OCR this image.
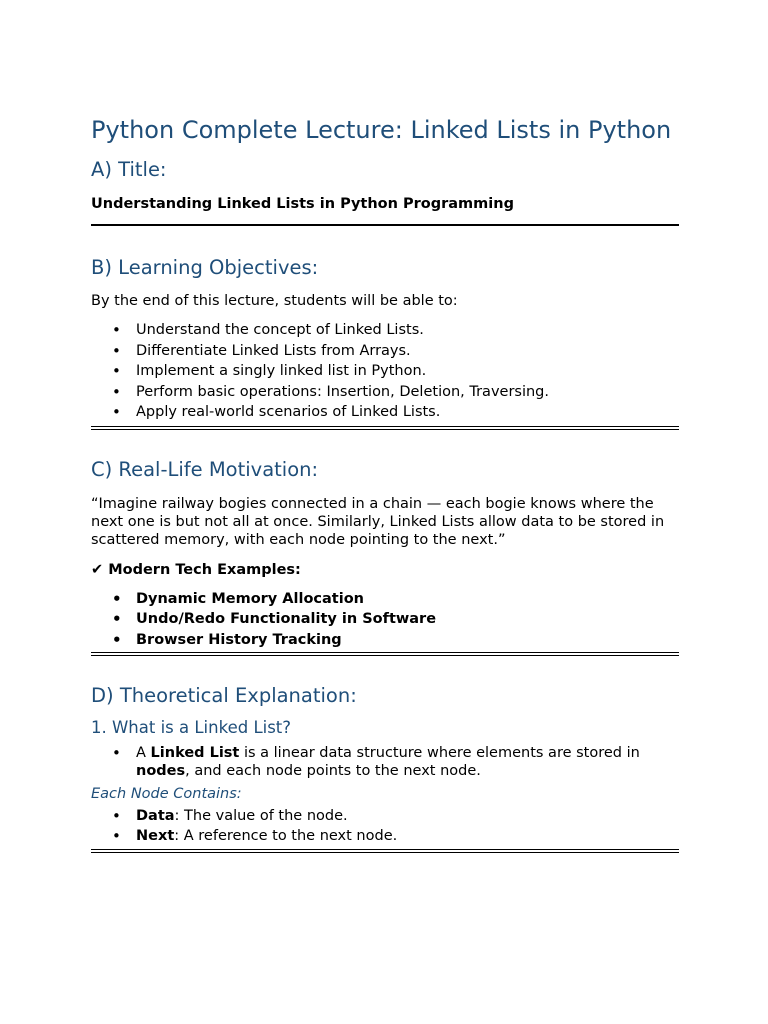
Python Complete Lecture: Linked Lists in Python
A) Title:

Understanding Linked Lists in Python Programming

B) Learning Objectives:

By the end of this lecture, students will be able to:

• Understand the concept of Linked Lists.
• Differentiate Linked Lists from Arrays.
• Implement a singly linked list in Python.
• Perform basic operations: Insertion, Deletion, Traversing.
• Apply real-world scenarios of Linked Lists.
C) Real-Life Motivation:

“Imagine railway bogies connected in a chain — each bogie knows where the next one is but not all at once. Similarly, Linked Lists allow data to be stored in scattered memory, with each node pointing to the next.”

✔ Modern Tech Examples:

• Dynamic Memory Allocation
• Undo/Redo Functionality in Software
• Browser History Tracking
D) Theoretical Explanation:
1. What is a Linked List?
• A Linked List is a linear data structure where elements are stored in nodes, and each node points to the next node.

Each Node Contains:

• Data: The value of the node.
• Next: A reference to the next node.
